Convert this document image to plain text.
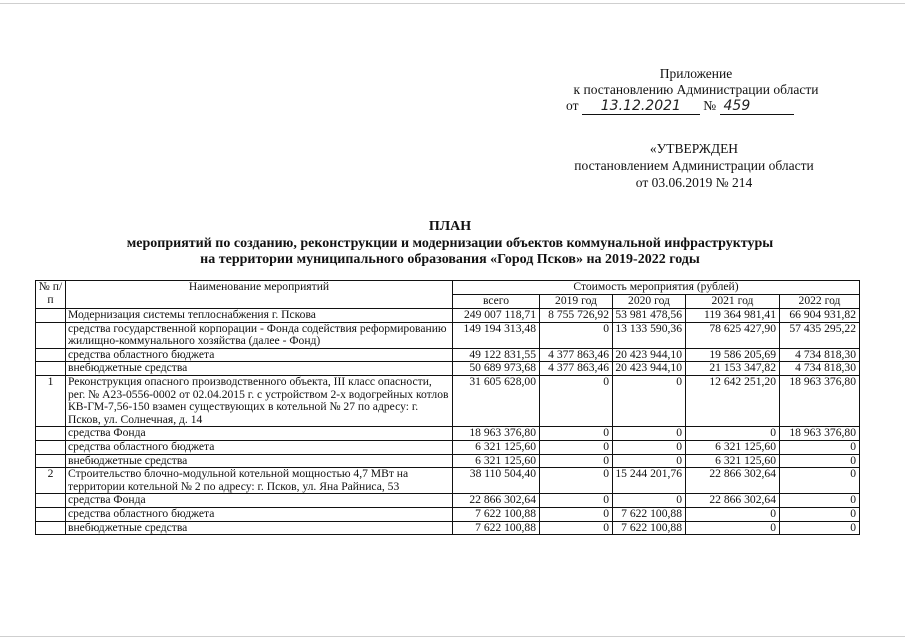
Приложение
к постановлению Администрации области
от 13.12.2021 № 459
«УТВЕРЖДЕН
постановлением Администрации области
от 03.06.2019 № 214
ПЛАН
мероприятий по созданию, реконструкции и модернизации объектов коммунальной инфраструктуры
на территории муниципального образования «Город Псков» на 2019-2022 годы
№ п/п	Наименование мероприятий	Стоимость мероприятия (рублей)				
		всего	2019 год	2020 год	2021 год	2022 год
	Модернизация системы теплоснабжения г. Пскова	249 007 118,71	8 755 726,92	53 981 478,56	119 364 981,41	66 904 931,82
	средства государственной корпорации - Фонда содействия реформированию жилищно-коммунального хозяйства (далее - Фонд)	149 194 313,48	0	13 133 590,36	78 625 427,90	57 435 295,22
	средства областного бюджета	49 122 831,55	4 377 863,46	20 423 944,10	19 586 205,69	4 734 818,30
	внебюджетные средства	50 689 973,68	4 377 863,46	20 423 944,10	21 153 347,82	4 734 818,30
1	Реконструкция опасного производственного объекта, III класс опасности, рег. № А23-0556-0002 от 02.04.2015 г. с устройством 2-х водогрейных котлов КВ-ГМ-7,56-150 взамен существующих в котельной № 27 по адресу: г. Псков, ул. Солнечная, д. 14	31 605 628,00	0	0	12 642 251,20	18 963 376,80
	средства Фонда	18 963 376,80	0	0	0	18 963 376,80
	средства областного бюджета	6 321 125,60	0	0	6 321 125,60	0
	внебюджетные средства	6 321 125,60	0	0	6 321 125,60	0
2	Строительство блочно-модульной котельной мощностью 4,7 МВт на территории котельной № 2 по адресу: г. Псков, ул. Яна Райниса, 53	38 110 504,40	0	15 244 201,76	22 866 302,64	0
	средства Фонда	22 866 302,64	0	0	22 866 302,64	0
	средства областного бюджета	7 622 100,88	0	7 622 100,88	0	0
	внебюджетные средства	7 622 100,88	0	7 622 100,88	0	0
